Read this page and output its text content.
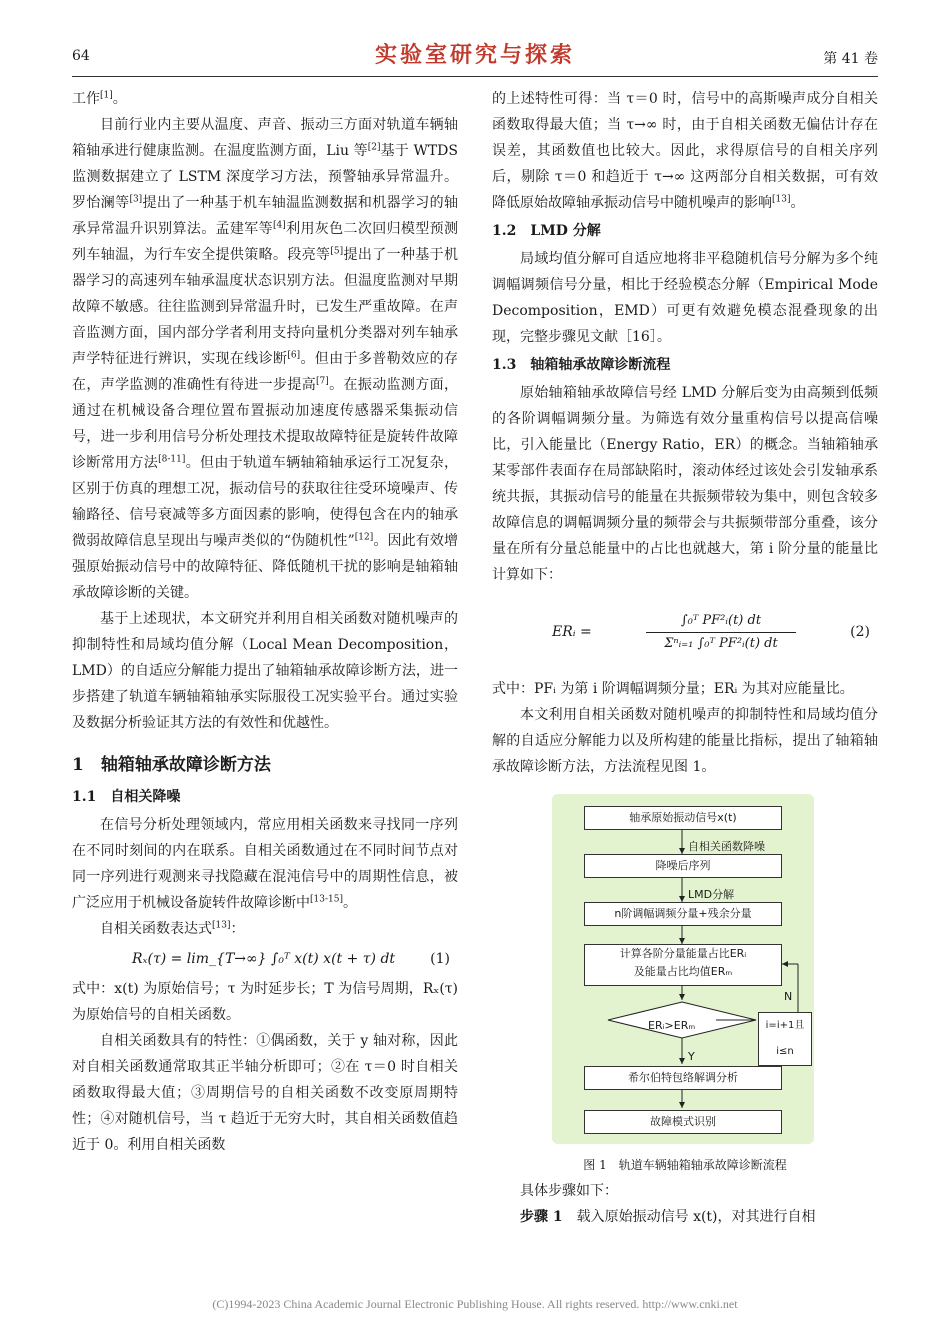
64	实验室研究与探索	第 41 卷

工作[1]。

目前行业内主要从温度、声音、振动三方面对轨道车辆轴箱轴承进行健康监测。在温度监测方面，Liu 等[2]基于 WTDS 监测数据建立了 LSTM 深度学习方法，预警轴承异常温升。罗怡澜等[3]提出了一种基于机车轴温监测数据和机器学习的轴承异常温升识别算法。孟建军等[4]利用灰色二次回归模型预测列车轴温，为行车安全提供策略。段亮等[5]提出了一种基于机器学习的高速列车轴承温度状态识别方法。但温度监测对早期故障不敏感。往往监测到异常温升时，已发生严重故障。在声音监测方面，国内部分学者利用支持向量机分类器对列车轴承声学特征进行辨识，实现在线诊断[6]。但由于多普勒效应的存在，声学监测的准确性有待进一步提高[7]。在振动监测方面，通过在机械设备合理位置布置振动加速度传感器采集振动信号，进一步利用信号分析处理技术提取故障特征是旋转件故障诊断常用方法[8-11]。但由于轨道车辆轴箱轴承运行工况复杂，区别于仿真的理想工况，振动信号的获取往往受环境噪声、传输路径、信号衰减等多方面因素的影响，使得包含在内的轴承微弱故障信息呈现出与噪声类似的“伪随机性”[12]。因此有效增强原始振动信号中的故障特征、降低随机干扰的影响是轴箱轴承故障诊断的关键。

基于上述现状，本文研究并利用自相关函数对随机噪声的抑制特性和局域均值分解（Local Mean Decomposition，LMD）的自适应分解能力提出了轴箱轴承故障诊断方法，进一步搭建了轨道车辆轴箱轴承实际服役工况实验平台。通过实验及数据分析验证其方法的有效性和优越性。

1　轴箱轴承故障诊断方法

1.1　自相关降噪

在信号分析处理领域内，常应用相关函数来寻找同一序列在不同时刻间的内在联系。自相关函数通过在不同时间节点对同一序列进行观测来寻找隐藏在混沌信号中的周期性信息，被广泛应用于机械设备旋转件故障诊断中[13-15]。

自相关函数表达式[13]：

Rₓ(τ) = lim_{T→∞} ∫₀ᵀ x(t) x(t + τ) dt	(1)

式中：x(t) 为原始信号；τ 为时延步长；T 为信号周期，Rₓ(τ) 为原始信号的自相关函数。

自相关函数具有的特性：①偶函数，关于 y 轴对称，因此对自相关函数通常取其正半轴分析即可；②在 τ＝0 时自相关函数取得最大值；③周期信号的自相关函数不改变原周期特性；④对随机信号，当 τ 趋近于无穷大时，其自相关函数值趋近于 0。利用自相关函数

的上述特性可得：当 τ＝0 时，信号中的高斯噪声成分自相关函数取得最大值；当 τ→∞ 时，由于自相关函数无偏估计存在误差，其函数值也比较大。因此，求得原信号的自相关序列后，剔除 τ＝0 和趋近于 τ→∞ 这两部分自相关数据，可有效降低原始故障轴承振动信号中随机噪声的影响[13]。

1.2　LMD 分解

局域均值分解可自适应地将非平稳随机信号分解为多个纯调幅调频信号分量，相比于经验模态分解（Empirical Mode Decomposition，EMD）可更有效避免模态混叠现象的出现，完整步骤见文献［16］。

1.3　轴箱轴承故障诊断流程

原始轴箱轴承故障信号经 LMD 分解后变为由高频到低频的各阶调幅调频分量。为筛选有效分量重构信号以提高信噪比，引入能量比（Energy Ratio，ER）的概念。当轴箱轴承某零部件表面存在局部缺陷时，滚动体经过该处会引发轴承系统共振，其振动信号的能量在共振频带较为集中，则包含较多故障信息的调幅调频分量的频带会与共振频带部分重叠，该分量在所有分量总能量中的占比也就越大，第 i 阶分量的能量比计算如下：

ERᵢ =
∫₀ᵀ PF²ᵢ(t) dt
Σⁿᵢ₌₁ ∫₀ᵀ PF²ᵢ(t) dt
(2)

式中：PFᵢ 为第 i 阶调幅调频分量；ERᵢ 为其对应能量比。

本文利用自相关函数对随机噪声的抑制特性和局域均值分解的自适应分解能力以及所构建的能量比指标，提出了轴箱轴承故障诊断方法，方法流程见图 1。

轴承原始振动信号x(t)
自相关函数降噪
降噪后序列
LMD分解
n阶调幅调频分量+残余分量
计算各阶分量能量占比ERᵢ
及能量占比均值ERₘ
ERᵢ>ERₘ	i=i+1且i≤n
N
Y
希尔伯特包络解调分析
故障模式识别

图 1　轨道车辆轴箱轴承故障诊断流程

具体步骤如下：

步骤 1　载入原始振动信号 x(t)，对其进行自相

(C)1994-2023 China Academic Journal Electronic Publishing House. All rights reserved. http://www.cnki.net
